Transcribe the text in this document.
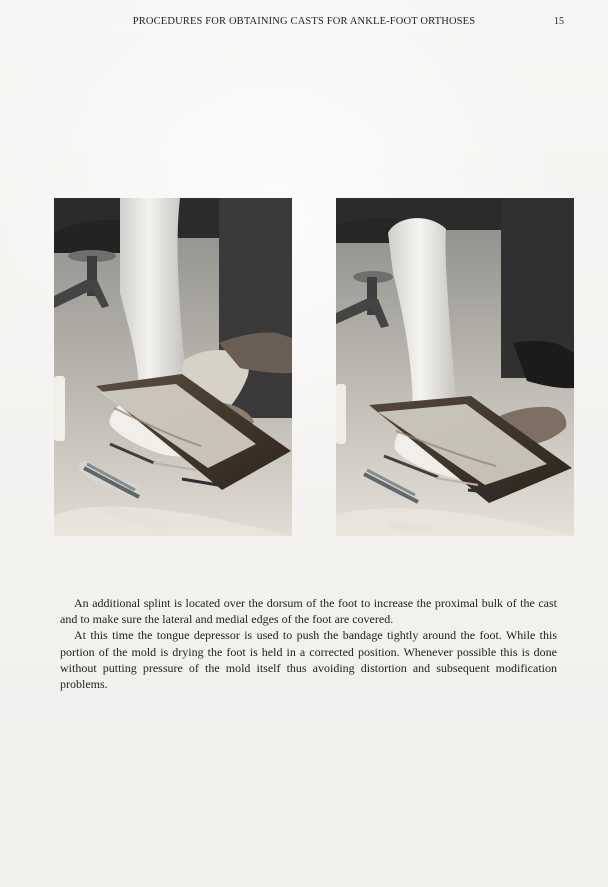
PROCEDURES FOR OBTAINING CASTS FOR ANKLE-FOOT ORTHOSES	15

An additional splint is located over the dorsum of the foot to increase the proximal bulk of the cast and to make sure the lateral and medial edges of the foot are covered.

At this time the tongue depressor is used to push the bandage tightly around the foot. While this portion of the mold is drying the foot is held in a corrected position. Whenever possible this is done without putting pressure of the mold itself thus avoiding distortion and subsequent modification problems.
